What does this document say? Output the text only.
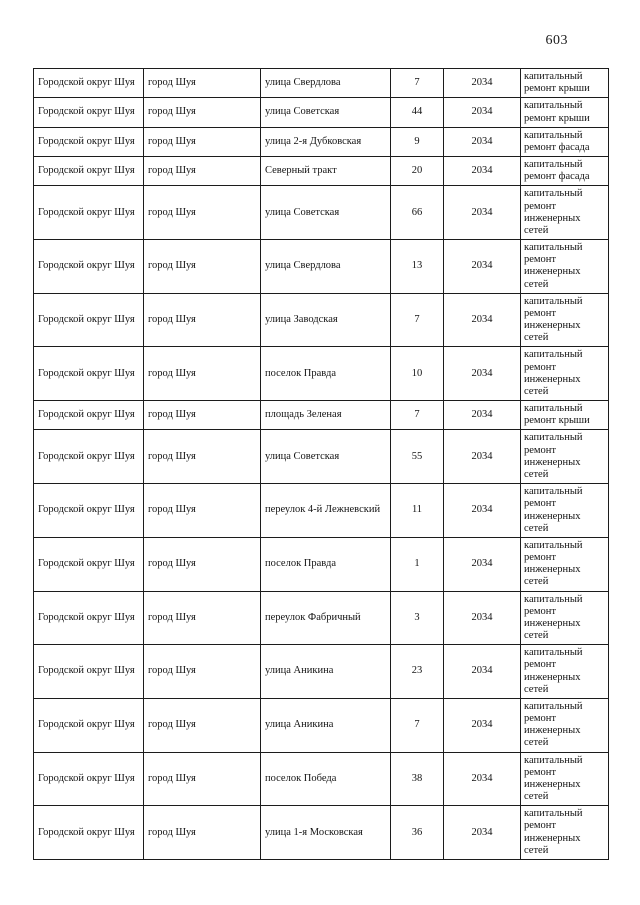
603
Городской округ Шуя	город Шуя	улица Свердлова	7	2034	капитальный ремонт крыши
Городской округ Шуя	город Шуя	улица Советская	44	2034	капитальный ремонт крыши
Городской округ Шуя	город Шуя	улица 2-я Дубковская	9	2034	капитальный ремонт фасада
Городской округ Шуя	город Шуя	Северный тракт	20	2034	капитальный ремонт фасада
Городской округ Шуя	город Шуя	улица Советская	66	2034	капитальный ремонт инженерных сетей
Городской округ Шуя	город Шуя	улица Свердлова	13	2034	капитальный ремонт инженерных сетей
Городской округ Шуя	город Шуя	улица Заводская	7	2034	капитальный ремонт инженерных сетей
Городской округ Шуя	город Шуя	поселок Правда	10	2034	капитальный ремонт инженерных сетей
Городской округ Шуя	город Шуя	площадь Зеленая	7	2034	капитальный ремонт крыши
Городской округ Шуя	город Шуя	улица Советская	55	2034	капитальный ремонт инженерных сетей
Городской округ Шуя	город Шуя	переулок 4-й Лежневский	11	2034	капитальный ремонт инженерных сетей
Городской округ Шуя	город Шуя	поселок Правда	1	2034	капитальный ремонт инженерных сетей
Городской округ Шуя	город Шуя	переулок Фабричный	3	2034	капитальный ремонт инженерных сетей
Городской округ Шуя	город Шуя	улица Аникина	23	2034	капитальный ремонт инженерных сетей
Городской округ Шуя	город Шуя	улица Аникина	7	2034	капитальный ремонт инженерных сетей
Городской округ Шуя	город Шуя	поселок Победа	38	2034	капитальный ремонт инженерных сетей
Городской округ Шуя	город Шуя	улица 1-я Московская	36	2034	капитальный ремонт инженерных сетей
